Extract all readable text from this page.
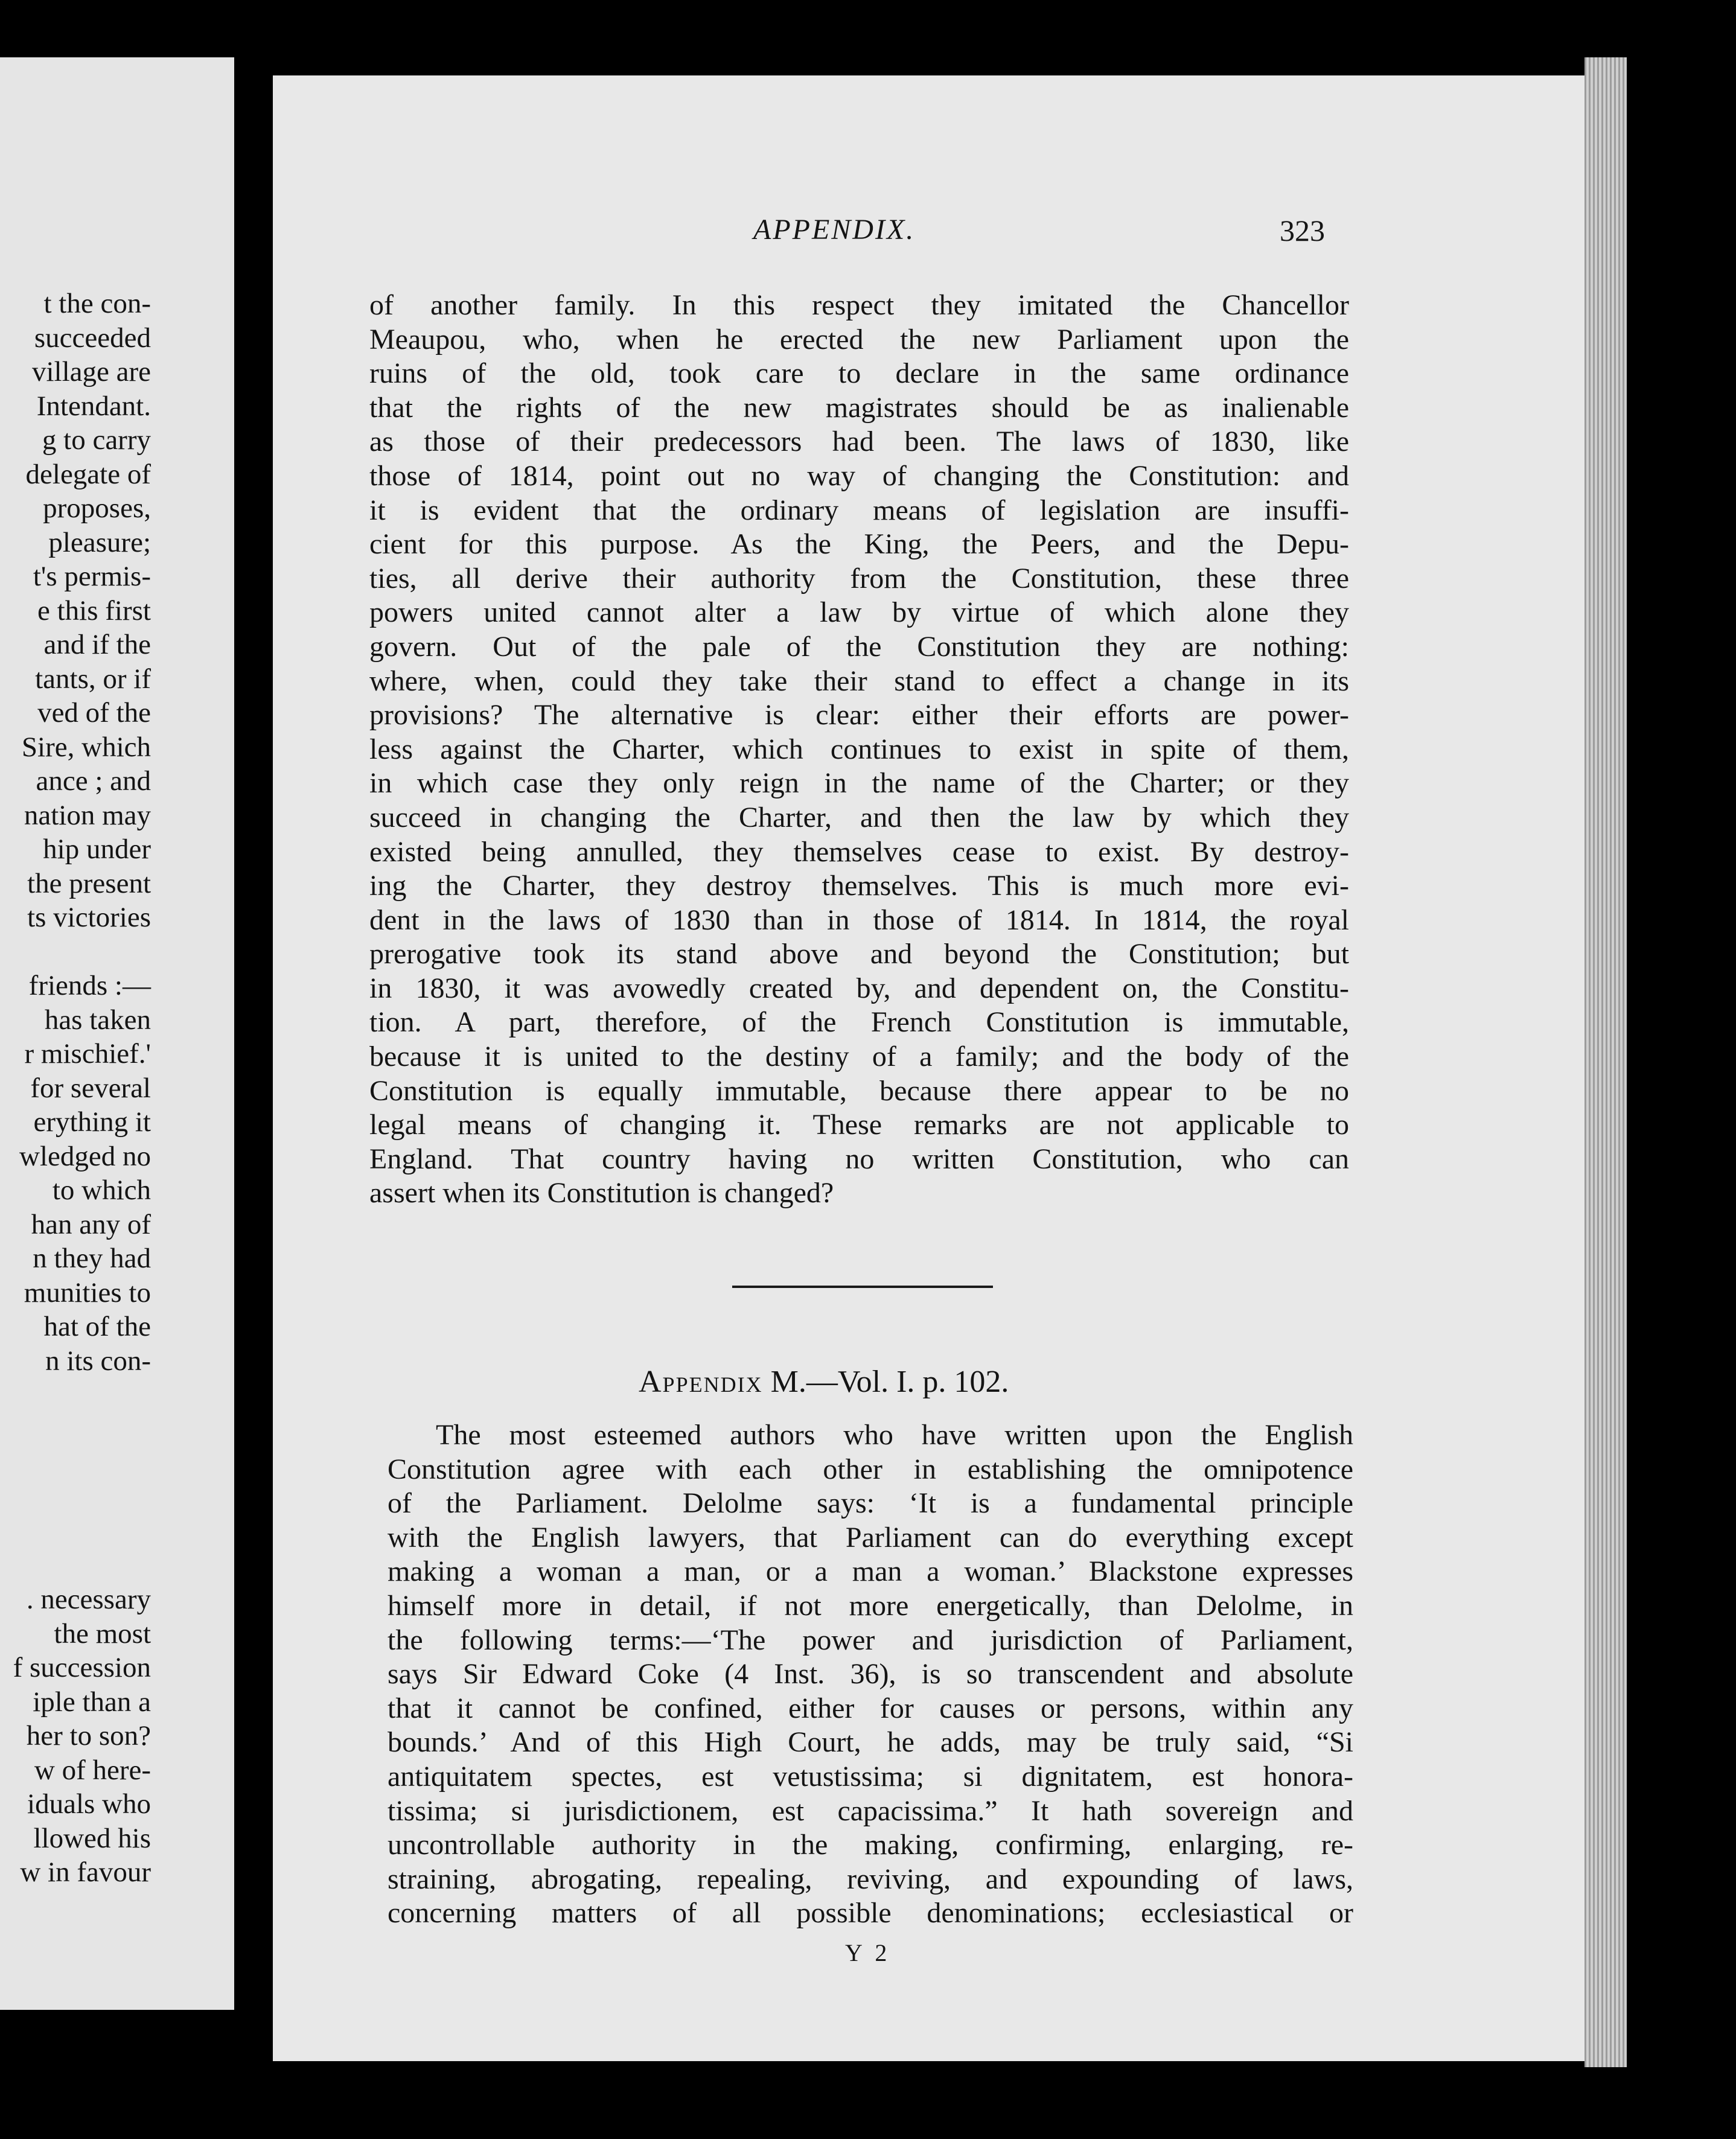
t the con-
succeeded
village are
Intendant.
g to carry
delegate of
proposes,
pleasure;
t's permis-
e this first
and if the
tants, or if
ved of the
Sire, which
ance ; and
nation may
hip under
the present
ts victories
friends :—
has taken
r mischief.'
for several
erything it
wledged no
to which
han any of
n they had
munities to
hat of the
n its con-
. necessary
the most
f succession
iple than a
her to son?
w of here-
iduals who
llowed his
w in favour
APPENDIX.	323
of another family. In this respect they imitated the Chancellor
Meaupou, who, when he erected the new Parliament upon the
ruins of the old, took care to declare in the same ordinance
that the rights of the new magistrates should be as inalienable
as those of their predecessors had been. The laws of 1830, like
those of 1814, point out no way of changing the Constitution: and
it is evident that the ordinary means of legislation are insuffi-
cient for this purpose. As the King, the Peers, and the Depu-
ties, all derive their authority from the Constitution, these three
powers united cannot alter a law by virtue of which alone they
govern. Out of the pale of the Constitution they are nothing:
where, when, could they take their stand to effect a change in its
provisions? The alternative is clear: either their efforts are power-
less against the Charter, which continues to exist in spite of them,
in which case they only reign in the name of the Charter; or they
succeed in changing the Charter, and then the law by which they
existed being annulled, they themselves cease to exist. By destroy-
ing the Charter, they destroy themselves. This is much more evi-
dent in the laws of 1830 than in those of 1814. In 1814, the royal
prerogative took its stand above and beyond the Constitution; but
in 1830, it was avowedly created by, and dependent on, the Constitu-
tion. A part, therefore, of the French Constitution is immutable,
because it is united to the destiny of a family; and the body of the
Constitution is equally immutable, because there appear to be no
legal means of changing it. These remarks are not applicable to
England. That country having no written Constitution, who can
assert when its Constitution is changed?
Appendix M.—Vol. I. p. 102.
The most esteemed authors who have written upon the English
Constitution agree with each other in establishing the omnipotence
of the Parliament. Delolme says: ‘It is a fundamental principle
with the English lawyers, that Parliament can do everything except
making a woman a man, or a man a woman.’ Blackstone expresses
himself more in detail, if not more energetically, than Delolme, in
the following terms:—‘The power and jurisdiction of Parliament,
says Sir Edward Coke (4 Inst. 36), is so transcendent and absolute
that it cannot be confined, either for causes or persons, within any
bounds.’ And of this High Court, he adds, may be truly said, “Si
antiquitatem spectes, est vetustissima; si dignitatem, est honora-
tissima; si jurisdictionem, est capacissima.” It hath sovereign and
uncontrollable authority in the making, confirming, enlarging, re-
straining, abrogating, repealing, reviving, and expounding of laws,
concerning matters of all possible denominations; ecclesiastical or
Y 2
